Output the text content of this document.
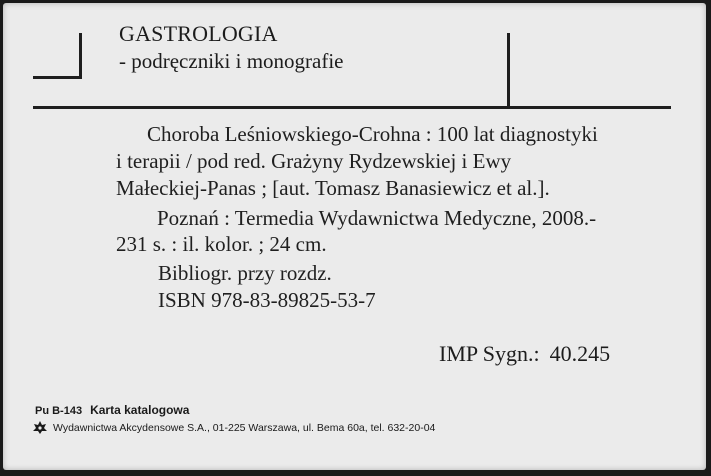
GASTROLOGIA
- podręczniki i monografie
Choroba Leśniowskiego-Crohna : 100 lat diagnostyki
i terapii / pod red. Grażyny Rydzewskiej i Ewy
Małeckiej-Panas ; [aut. Tomasz Banasiewicz et al.].
Poznań : Termedia Wydawnictwa Medyczne, 2008.-
231 s. : il. kolor. ; 24 cm.
Bibliogr. przy rozdz.
ISBN 978-83-89825-53-7
IMP Sygn.: 40.245
Pu B-143 Karta katalogowa
Wydawnictwa Akcydensowe S.A., 01-225 Warszawa, ul. Bema 60a, tel. 632-20-04
